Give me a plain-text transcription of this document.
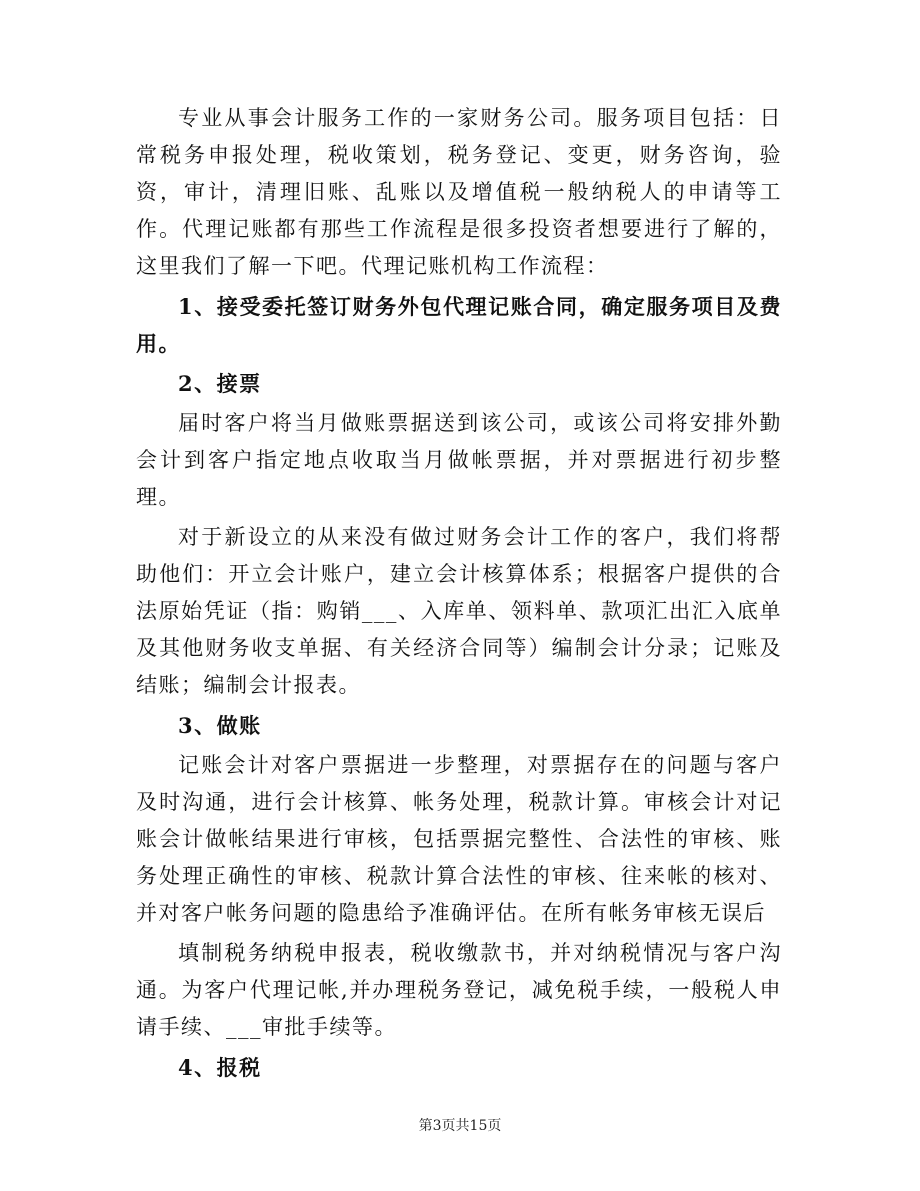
专业从事会计服务工作的一家财务公司。服务项目包括：日常税务申报处理，税收策划，税务登记、变更，财务咨询，验资，审计，清理旧账、乱账以及增值税一般纳税人的申请等工作。代理记账都有那些工作流程是很多投资者想要进行了解的，这里我们了解一下吧。代理记账机构工作流程：

1、接受委托签订财务外包代理记账合同，确定服务项目及费用。

2、接票

届时客户将当月做账票据送到该公司，或该公司将安排外勤会计到客户指定地点收取当月做帐票据，并对票据进行初步整理。

对于新设立的从来没有做过财务会计工作的客户，我们将帮助他们：开立会计账户，建立会计核算体系；根据客户提供的合法原始凭证（指：购销___、入库单、领料单、款项汇出汇入底单及其他财务收支单据、有关经济合同等）编制会计分录；记账及结账；编制会计报表。

3、做账

记账会计对客户票据进一步整理，对票据存在的问题与客户及时沟通，进行会计核算、帐务处理，税款计算。审核会计对记账会计做帐结果进行审核，包括票据完整性、合法性的审核、账务处理正确性的审核、税款计算合法性的审核、往来帐的核对、并对客户帐务问题的隐患给予准确评估。在所有帐务审核无误后

填制税务纳税申报表，税收缴款书，并对纳税情况与客户沟通。为客户代理记帐,并办理税务登记，减免税手续，一般税人申请手续、___审批手续等。

4、报税

第3页共15页
